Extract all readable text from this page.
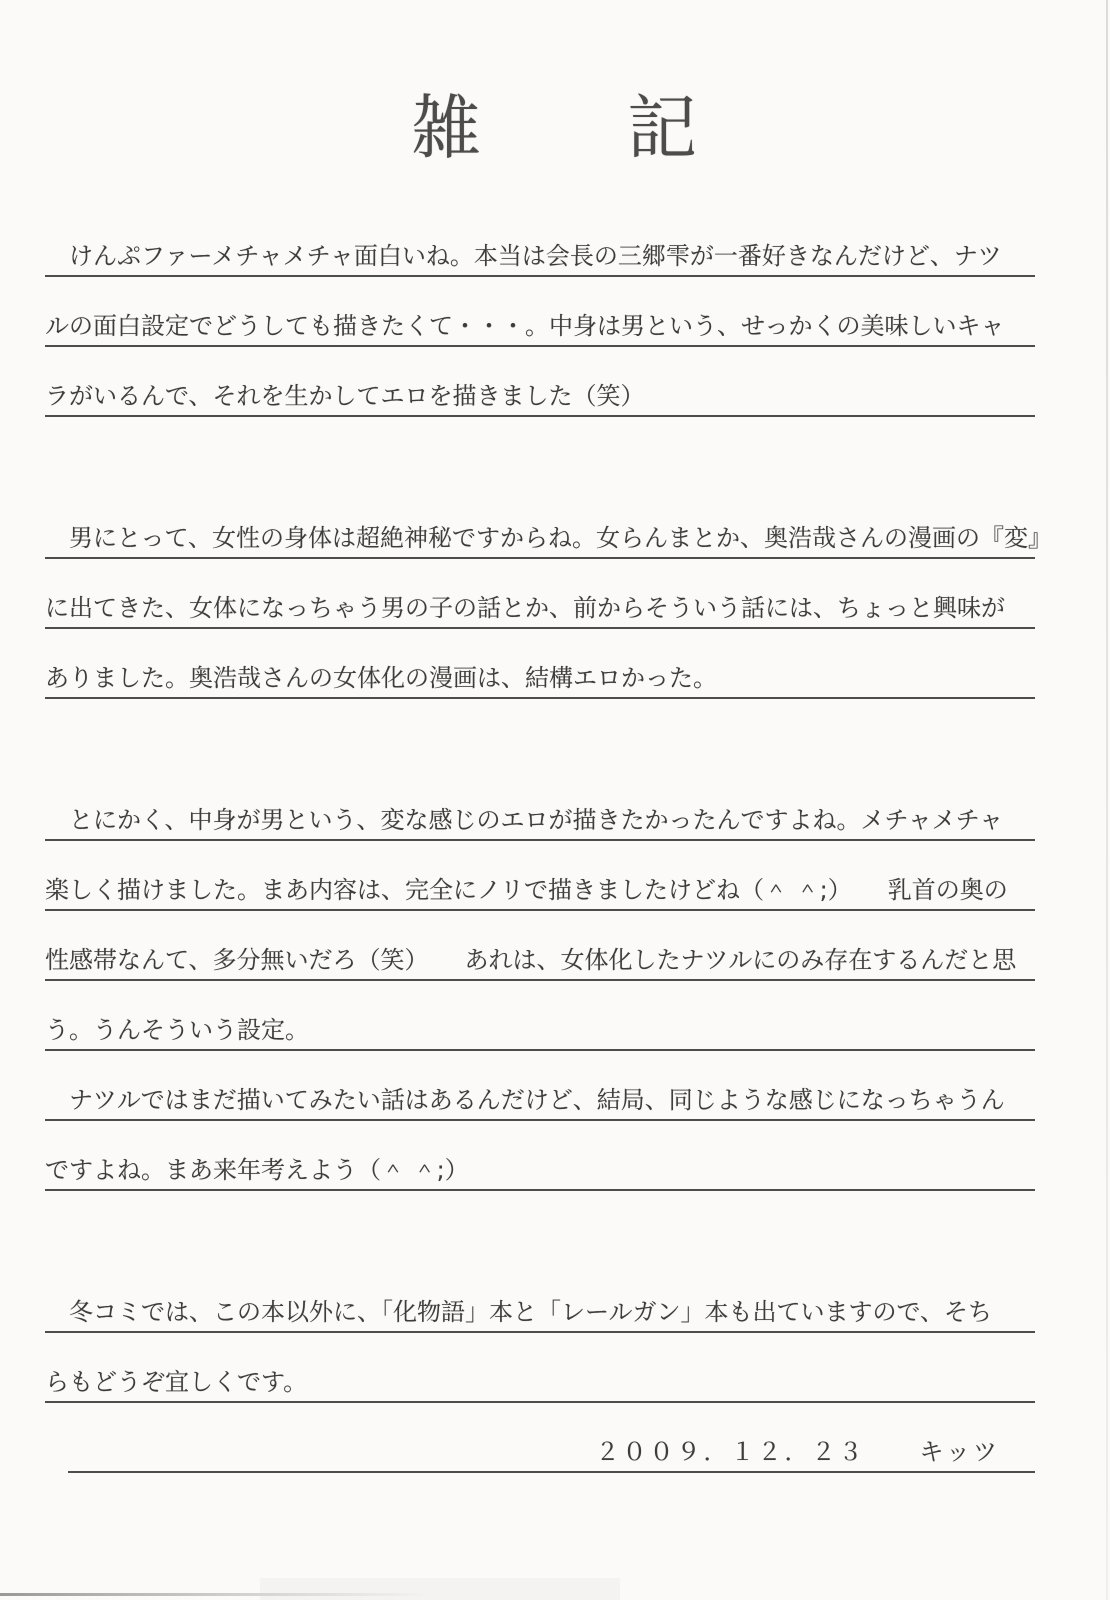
雑　　記
　けんぷファーメチャメチャ面白いね。本当は会長の三郷雫が一番好きなんだけど、ナツ
ルの面白設定でどうしても描きたくて・・・。中身は男という、せっかくの美味しいキャ
ラがいるんで、それを生かしてエロを描きました（笑）
　男にとって、女性の身体は超絶神秘ですからね。女らんまとか、奥浩哉さんの漫画の『変』
に出てきた、女体になっちゃう男の子の話とか、前からそういう話には、ちょっと興味が
ありました。奥浩哉さんの女体化の漫画は、結構エロかった。
　とにかく、中身が男という、変な感じのエロが描きたかったんですよね。メチャメチャ
楽しく描けました。まあ内容は、完全にノリで描きましたけどね（＾ ＾;）　　乳首の奥の
性感帯なんて、多分無いだろ（笑）　　あれは、女体化したナツルにのみ存在するんだと思
う。うんそういう設定。
　ナツルではまだ描いてみたい話はあるんだけど、結局、同じような感じになっちゃうん
ですよね。まあ来年考えよう（＾ ＾;）
　冬コミでは、この本以外に、「化物語」本と「レールガン」本も出ていますので、そち
らもどうぞ宜しくです。
２００９．１２．２３　　キッツ
